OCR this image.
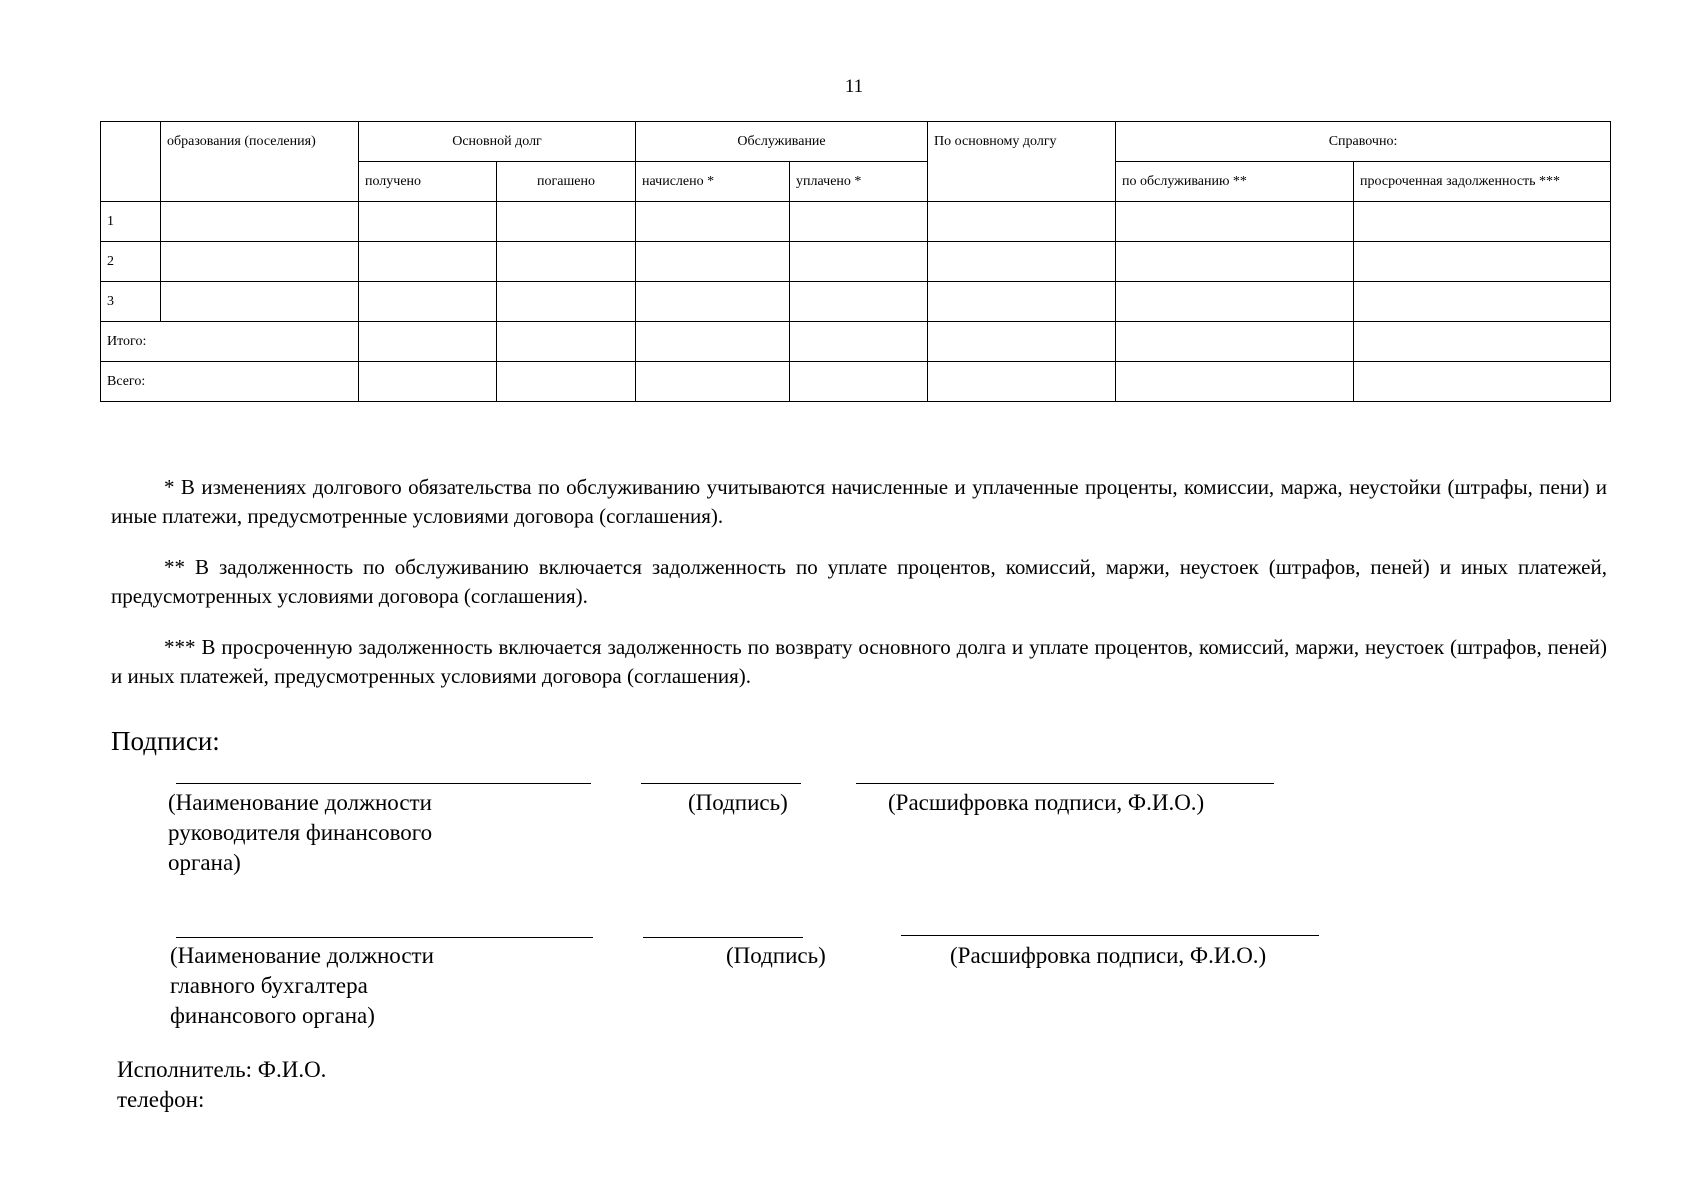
11
	образования (поселения)	Основной долг		Обслуживание		По основному долгу	Справочно:	
		получено	погашено	начислено *	уплачено *		по обслуживанию **	просроченная задолженность ***
1								
2								
3								
Итого:								
Всего:								

* В изменениях долгового обязательства по обслуживанию учитываются начисленные и уплаченные проценты, комиссии, маржа, неустойки (штрафы, пени) и иные платежи, предусмотренные условиями договора (соглашения).

** В задолженность по обслуживанию включается задолженность по уплате процентов, комиссий, маржи, неустоек (штрафов, пеней) и иных платежей, предусмотренных условиями договора (соглашения).

*** В просроченную задолженность включается задолженность по возврату основного долга и уплате процентов, комиссий, маржи, неустоек (штрафов, пеней) и иных платежей, предусмотренных условиями договора (соглашения).

Подписи:
(Наименование должности
руководителя финансового
органа)
(Подпись)	(Расшифровка подписи, Ф.И.О.)
(Наименование должности
главного бухгалтера
финансового органа)
(Подпись)	(Расшифровка подписи, Ф.И.О.)
Исполнитель: Ф.И.О.
телефон:
